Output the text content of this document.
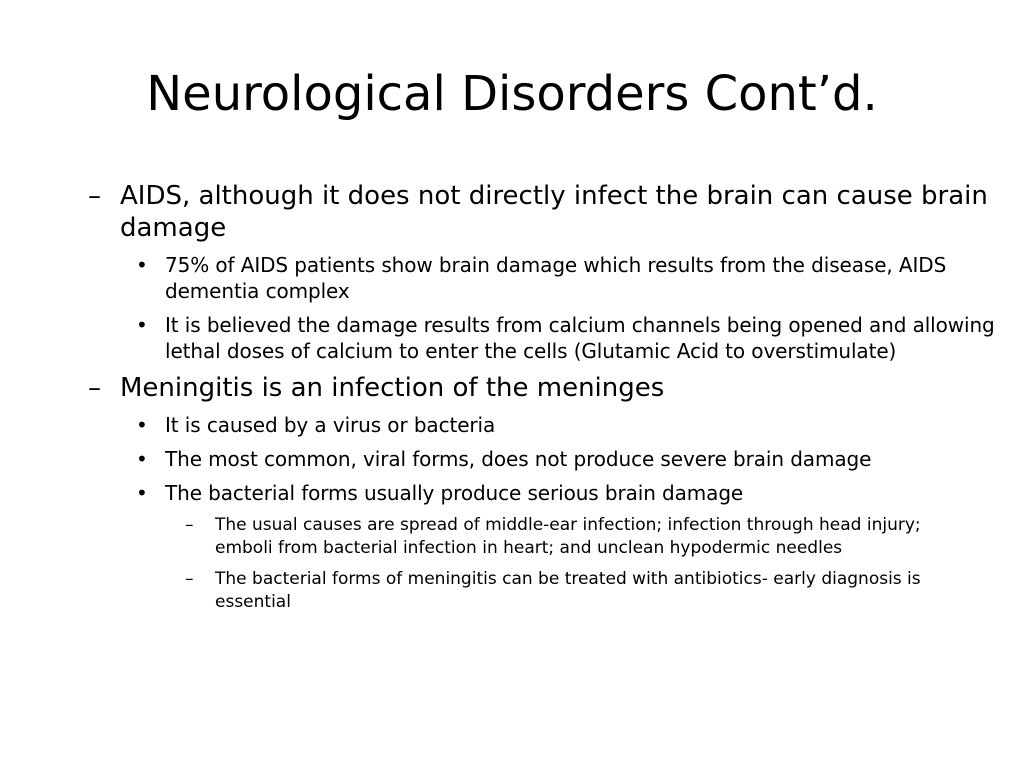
Neurological Disorders Cont’d.
– AIDS, although it does not directly infect the brain can cause brain damage
• 75% of AIDS patients show brain damage which results from the disease, AIDS dementia complex
• It is believed the damage results from calcium channels being opened and allowing lethal doses of calcium to enter the cells (Glutamic Acid to overstimulate)
– Meningitis is an infection of the meninges
• It is caused by a virus or bacteria
• The most common, viral forms, does not produce severe brain damage
• The bacterial forms usually produce serious brain damage
– The usual causes are spread of middle-ear infection; infection through head injury; emboli from bacterial infection in heart; and unclean hypodermic needles
– The bacterial forms of meningitis can be treated with antibiotics- early diagnosis is essential
